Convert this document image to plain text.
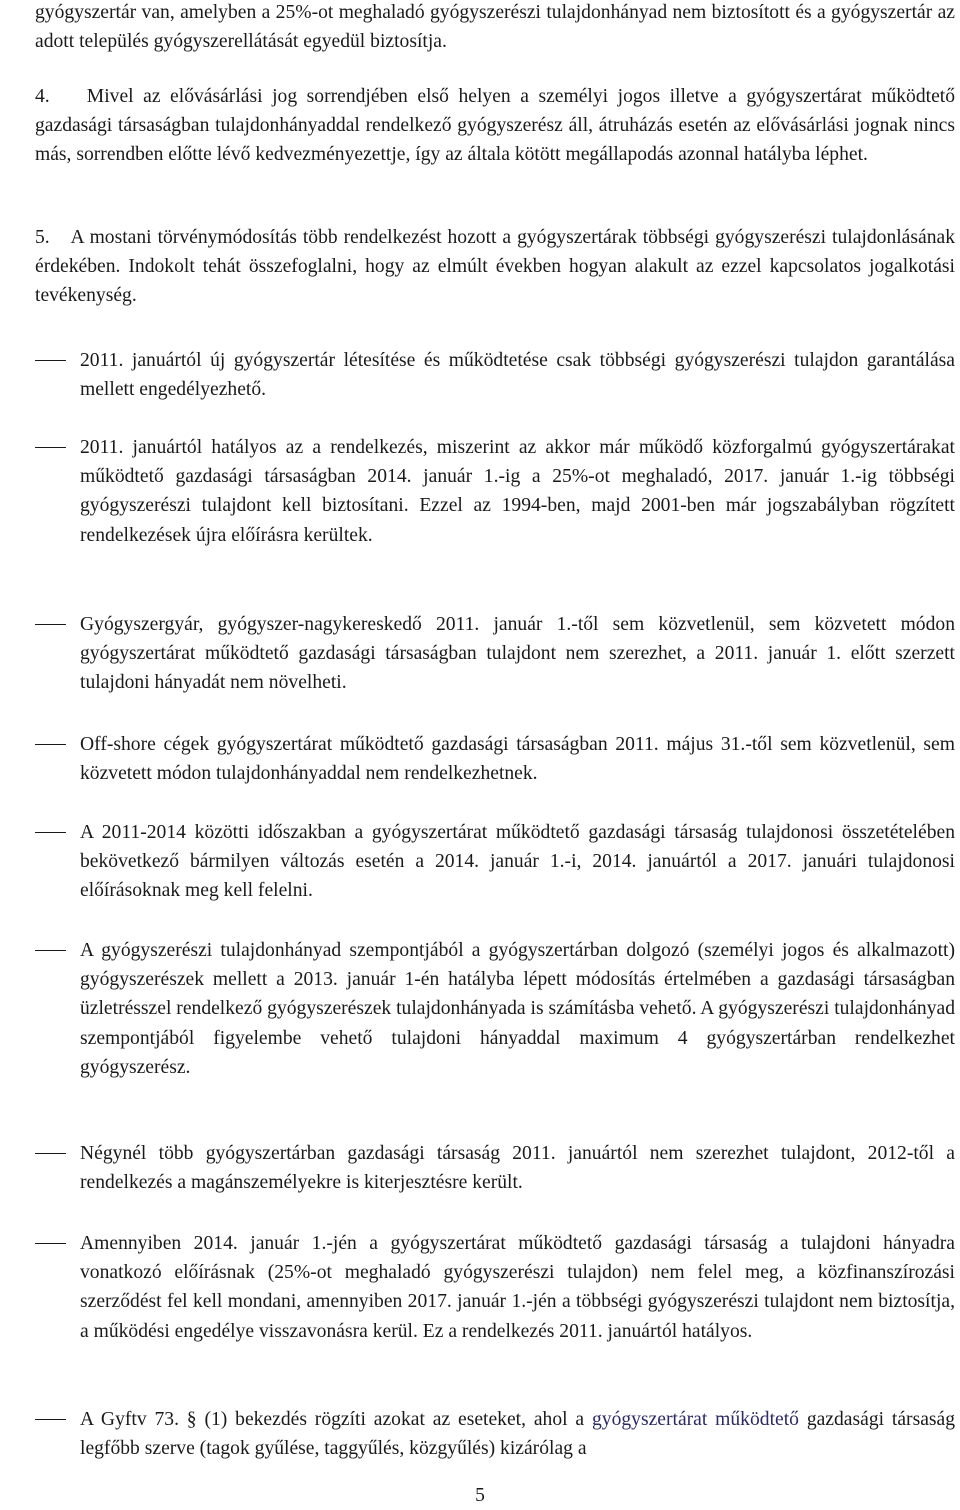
gyógyszertár van, amelyben a 25%-ot meghaladó gyógyszerészi tulajdonhányad nem biztosított és a gyógyszertár az adott település gyógyszerellátását egyedül biztosítja.

4. Mivel az elővásárlási jog sorrendjében első helyen a személyi jogos illetve a gyógyszertárat működtető gazdasági társaságban tulajdonhányaddal rendelkező gyógyszerész áll, átruházás esetén az elővásárlási jognak nincs más, sorrendben előtte lévő kedvezményezettje, így az általa kötött megállapodás azonnal hatályba léphet.

5. A mostani törvénymódosítás több rendelkezést hozott a gyógyszertárak többségi gyógyszerészi tulajdonlásának érdekében. Indokolt tehát összefoglalni, hogy az elmúlt években hogyan alakult az ezzel kapcsolatos jogalkotási tevékenység.

2011. januártól új gyógyszertár létesítése és működtetése csak többségi gyógyszerészi tulajdon garantálása mellett engedélyezhető.
2011. januártól hatályos az a rendelkezés, miszerint az akkor már működő közforgalmú gyógyszertárakat működtető gazdasági társaságban 2014. január 1.-ig a 25%-ot meghaladó, 2017. január 1.-ig többségi gyógyszerészi tulajdont kell biztosítani. Ezzel az 1994-ben, majd 2001-ben már jogszabályban rögzített rendelkezések újra előírásra kerültek.
Gyógyszergyár, gyógyszer-nagykereskedő 2011. január 1.-től sem közvetlenül, sem közvetett módon gyógyszertárat működtető gazdasági társaságban tulajdont nem szerezhet, a 2011. január 1. előtt szerzett tulajdoni hányadát nem növelheti.
Off-shore cégek gyógyszertárat működtető gazdasági társaságban 2011. május 31.-től sem közvetlenül, sem közvetett módon tulajdonhányaddal nem rendelkezhetnek.
A 2011-2014 közötti időszakban a gyógyszertárat működtető gazdasági társaság tulajdonosi összetételében bekövetkező bármilyen változás esetén a 2014. január 1.-i, 2014. januártól a 2017. januári tulajdonosi előírásoknak meg kell felelni.
A gyógyszerészi tulajdonhányad szempontjából a gyógyszertárban dolgozó (személyi jogos és alkalmazott) gyógyszerészek mellett a 2013. január 1-én hatályba lépett módosítás értelmében a gazdasági társaságban üzletrésszel rendelkező gyógyszerészek tulajdonhányada is számításba vehető. A gyógyszerészi tulajdonhányad szempontjából figyelembe vehető tulajdoni hányaddal maximum 4 gyógyszertárban rendelkezhet gyógyszerész.
Négynél több gyógyszertárban gazdasági társaság 2011. januártól nem szerezhet tulajdont, 2012-től a rendelkezés a magánszemélyekre is kiterjesztésre került.
Amennyiben 2014. január 1.-jén a gyógyszertárat működtető gazdasági társaság a tulajdoni hányadra vonatkozó előírásnak (25%-ot meghaladó gyógyszerészi tulajdon) nem felel meg, a közfinanszírozási szerződést fel kell mondani, amennyiben 2017. január 1.-jén a többségi gyógyszerészi tulajdont nem biztosítja, a működési engedélye visszavonásra kerül. Ez a rendelkezés 2011. januártól hatályos.
A Gyftv 73. § (1) bekezdés rögzíti azokat az eseteket, ahol a gyógyszertárat működtető gazdasági társaság legfőbb szerve (tagok gyűlése, taggyűlés, közgyűlés) kizárólag a
5
